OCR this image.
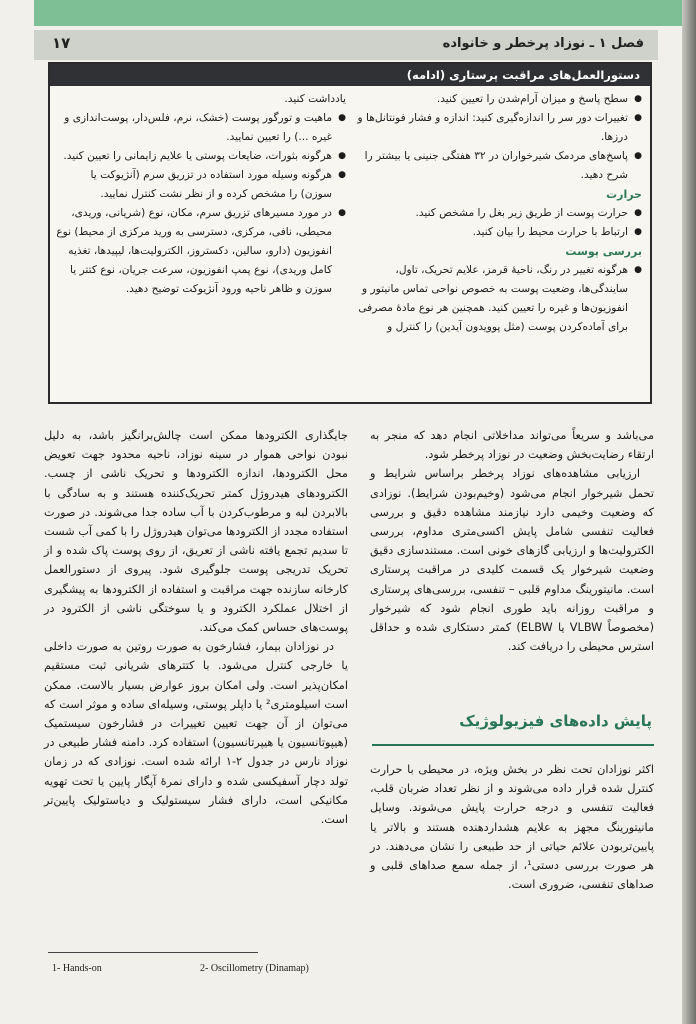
فصل ۱ ـ نوزاد پرخطر و خانواده
۱۷
دستورالعمل‌های مراقبت پرستاری (ادامه)

● سطح پاسخ و میزان آرام‌شدن را تعیین کنید.

● تغییرات دور سر را اندازه‌گیری کنید: اندازه و فشار فونتانل‌ها و درزها.

● پاسخ‌های مردمک شیرخواران در ۳۲ هفتگی جنینی یا بیشتر را شرح دهید.

حرارت

● حرارت پوست از طریق زیر بغل را مشخص کنید.

● ارتباط با حرارت محیط را بیان کنید.

بررسی پوست

● هرگونه تغییر در رنگ، ناحیهٔ قرمز، علایم تحریک، تاول، سایندگی‌ها، وضعیت پوست به خصوص نواحی تماس مانیتور و انفوزیون‌ها و غیره را تعیین کنید. همچنین هر نوع مادهٔ مصرفی برای آماده‌کردن پوست (مثل پوویدون آیدین) را کنترل و

یادداشت کنید.

● ماهیت و تورگور پوست (خشک، نرم، فلس‌دار، پوست‌اندازی و غیره ...) را تعیین نمایید.

● هرگونه بثورات، ضایعات پوستی یا علایم زایمانی را تعیین کنید.

● هرگونه وسیله مورد استفاده در تزریق سرم (آنژیوکت یا سوزن) را مشخص کرده و از نظر نشت کنترل نمایید.

● در مورد مسیرهای تزریق سرم، مکان، نوع (شریانی، وریدی، محیطی، نافی، مرکزی، دسترسی به ورید مرکزی از محیط) نوع انفوزیون (دارو، سالین، دکستروز، الکترولیت‌ها، لیپیدها، تغذیه کامل وریدی)، نوع پمپ انفوزیون، سرعت جریان، نوع کتتر یا سوزن و ظاهر ناحیه ورود آنژیوکت توضیح دهید.

می‌باشد و سریعاً می‌تواند مداخلاتی انجام دهد که منجر به ارتقاء رضایت‌بخش وضعیت در نوزاد پرخطر شود.

ارزیابی مشاهده‌های نوزاد پرخطر براساس شرایط و تحمل شیرخوار انجام می‌شود (وخیم‌بودن شرایط). نوزادی که وضعیت وخیمی دارد نیازمند مشاهده دقیق و بررسی فعالیت تنفسی شامل پایش اکسی‌متری مداوم، بررسی الکترولیت‌ها و ارزیابی گازهای خونی است. مستندسازی دقیق وضعیت شیرخوار یک قسمت کلیدی در مراقبت پرستاری است. مانیتورینگ مداوم قلبی – تنفسی، بررسی‌های پرستاری و مراقبت روزانه باید طوری انجام شود که شیرخوار (مخصوصاً VLBW یا ELBW) کمتر دستکاری شده و حداقل استرس محیطی را دریافت کند.

پایش داده‌های فیزیولوژیک

اکثر نوزادان تحت نظر در بخش ویژه، در محیطی با حرارت کنترل شده قرار داده می‌شوند و از نظر تعداد ضربان قلب، فعالیت تنفسی و درجه حرارت پایش می‌شوند. وسایل مانیتورینگ مجهز به علایم هشداردهنده هستند و بالاتر یا پایین‌تربودن علائم حیاتی از حد طبیعی را نشان می‌دهند. در هر صورت بررسی دستی¹، از جمله سمع صداهای قلبی و صداهای تنفسی، ضروری است.

جایگذاری الکترودها ممکن است چالش‌برانگیز باشد، به دلیل نبودن نواحی هموار در سینه نوزاد، ناحیه محدود جهت تعویض محل الکترودها، اندازه الکترودها و تحریک ناشی از چسب. الکترودهای هیدروژل کمتر تحریک‌کننده هستند و به سادگی با بالابردن لبه و مرطوب‌کردن با آب ساده جدا می‌شوند. در صورت استفاده مجدد از الکترودها می‌توان هیدروژل را با کمی آب شست تا سدیم تجمع یافته ناشی از تعریق، از روی پوست پاک شده و از تحریک تدریجی پوست جلوگیری شود. پیروی از دستورالعمل کارخانه سازنده جهت مراقبت و استفاده از الکترودها به پیشگیری از اختلال عملکرد الکترود و یا سوختگی ناشی از الکترود در پوست‌های حساس کمک می‌کند.

در نوزادان بیمار، فشارخون به صورت روتین به صورت داخلی یا خارجی کنترل می‌شود. با کتترهای شریانی ثبت مستقیم امکان‌پذیر است. ولی امکان بروز عوارض بسیار بالاست. ممکن است اسیلومتری² یا داپلر پوستی، وسیله‌ای ساده و موثر است که می‌توان از آن جهت تعیین تغییرات در فشارخون سیستمیک (هیپوتانسیون یا هیپرتانسیون) استفاده کرد. دامنه فشار طبیعی در نوزاد نارس در جدول ۲-۱ ارائه شده است. نوزادی که در زمان تولد دچار آسفیکسی شده و دارای نمرهٔ آپگار پایین یا تحت تهویه مکانیکی است، دارای فشار سیستولیک و دیاستولیک پایین‌تر است.

1- Hands-on	2- Oscillometry (Dinamap)
